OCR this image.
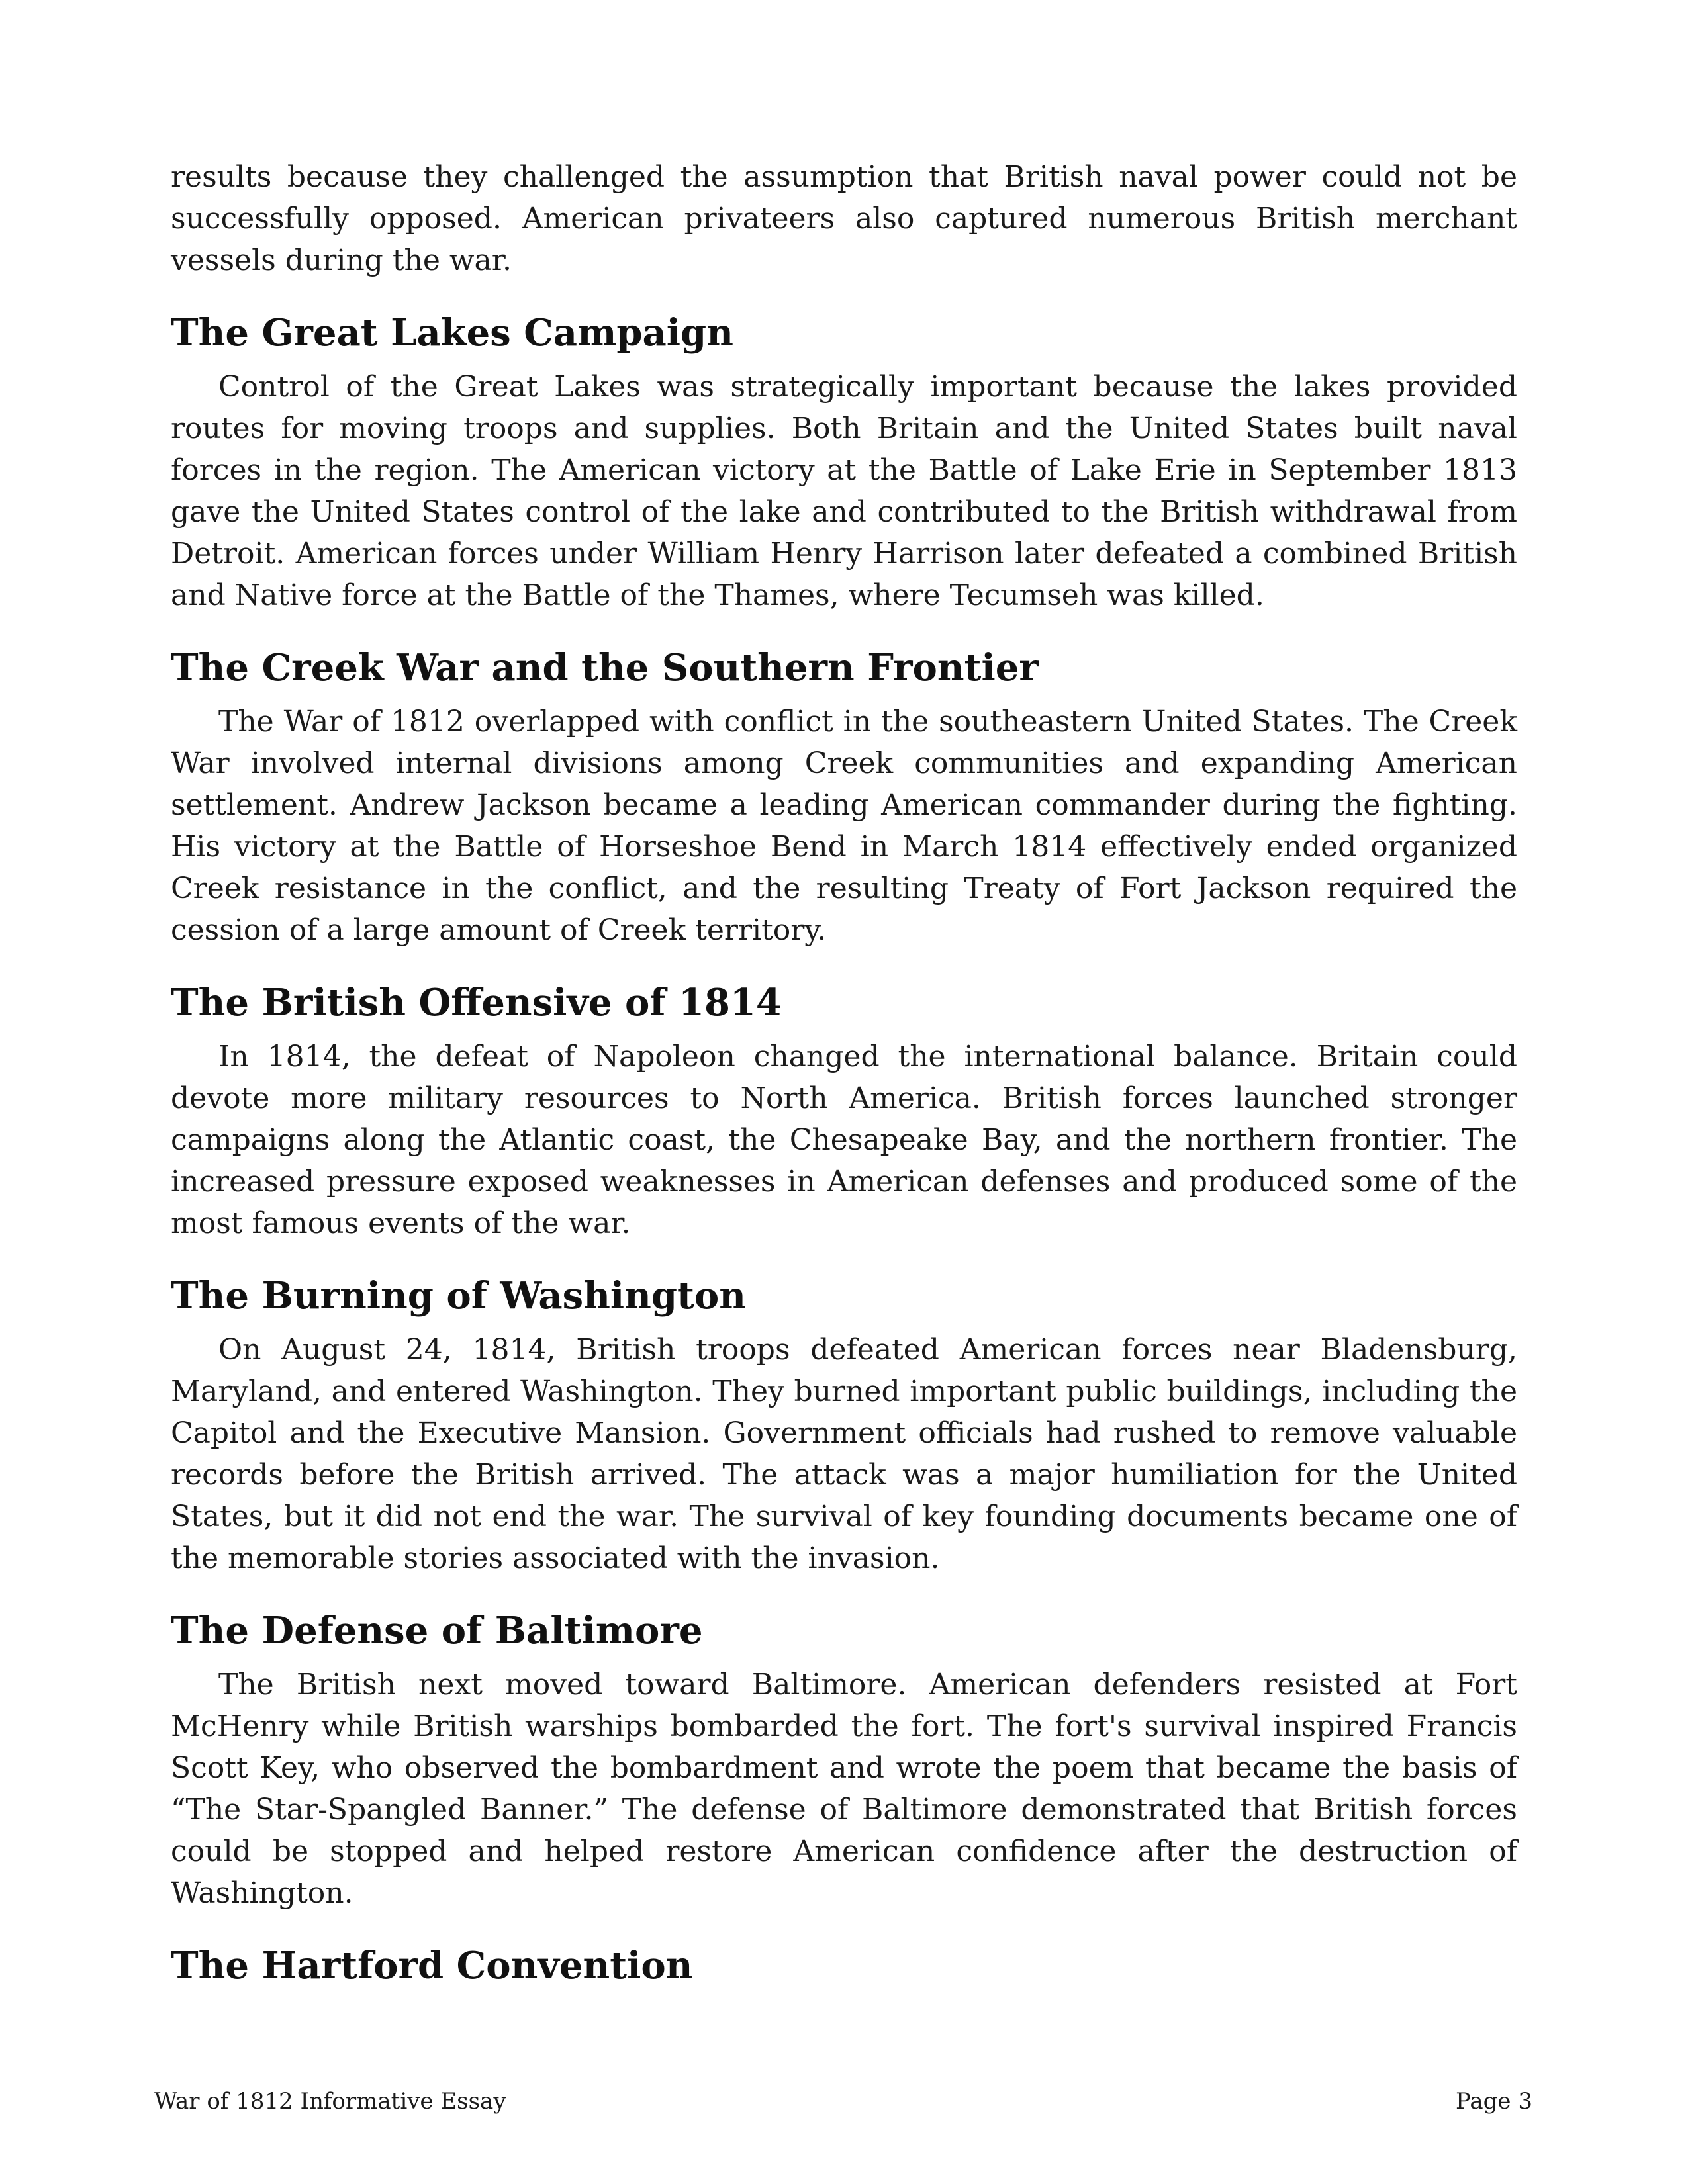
results because they challenged the assumption that British naval power could not be successfully opposed. American privateers also captured numerous British merchant vessels during the war.

The Great Lakes Campaign

Control of the Great Lakes was strategically important because the lakes provided routes for moving troops and supplies. Both Britain and the United States built naval forces in the region. The American victory at the Battle of Lake Erie in September 1813 gave the United States control of the lake and contributed to the British withdrawal from Detroit. American forces under William Henry Harrison later defeated a combined British and Native force at the Battle of the Thames, where Tecumseh was killed.

The Creek War and the Southern Frontier

The War of 1812 overlapped with conflict in the southeastern United States. The Creek War involved internal divisions among Creek communities and expanding American settlement. Andrew Jackson became a leading American commander during the fighting. His victory at the Battle of Horseshoe Bend in March 1814 effectively ended organized Creek resistance in the conflict, and the resulting Treaty of Fort Jackson required the cession of a large amount of Creek territory.

The British Offensive of 1814

In 1814, the defeat of Napoleon changed the international balance. Britain could devote more military resources to North America. British forces launched stronger campaigns along the Atlantic coast, the Chesapeake Bay, and the northern frontier. The increased pressure exposed weaknesses in American defenses and produced some of the most famous events of the war.

The Burning of Washington

On August 24, 1814, British troops defeated American forces near Bladensburg, Maryland, and entered Washington. They burned important public buildings, including the Capitol and the Executive Mansion. Government officials had rushed to remove valuable records before the British arrived. The attack was a major humiliation for the United States, but it did not end the war. The survival of key founding documents became one of the memorable stories associated with the invasion.

The Defense of Baltimore

The British next moved toward Baltimore. American defenders resisted at Fort McHenry while British warships bombarded the fort. The fort's survival inspired Francis Scott Key, who observed the bombardment and wrote the poem that became the basis of “The Star-Spangled Banner.” The defense of Baltimore demonstrated that British forces could be stopped and helped restore American confidence after the destruction of Washington.

The Hartford Convention
War of 1812 Informative Essay	Page 3
